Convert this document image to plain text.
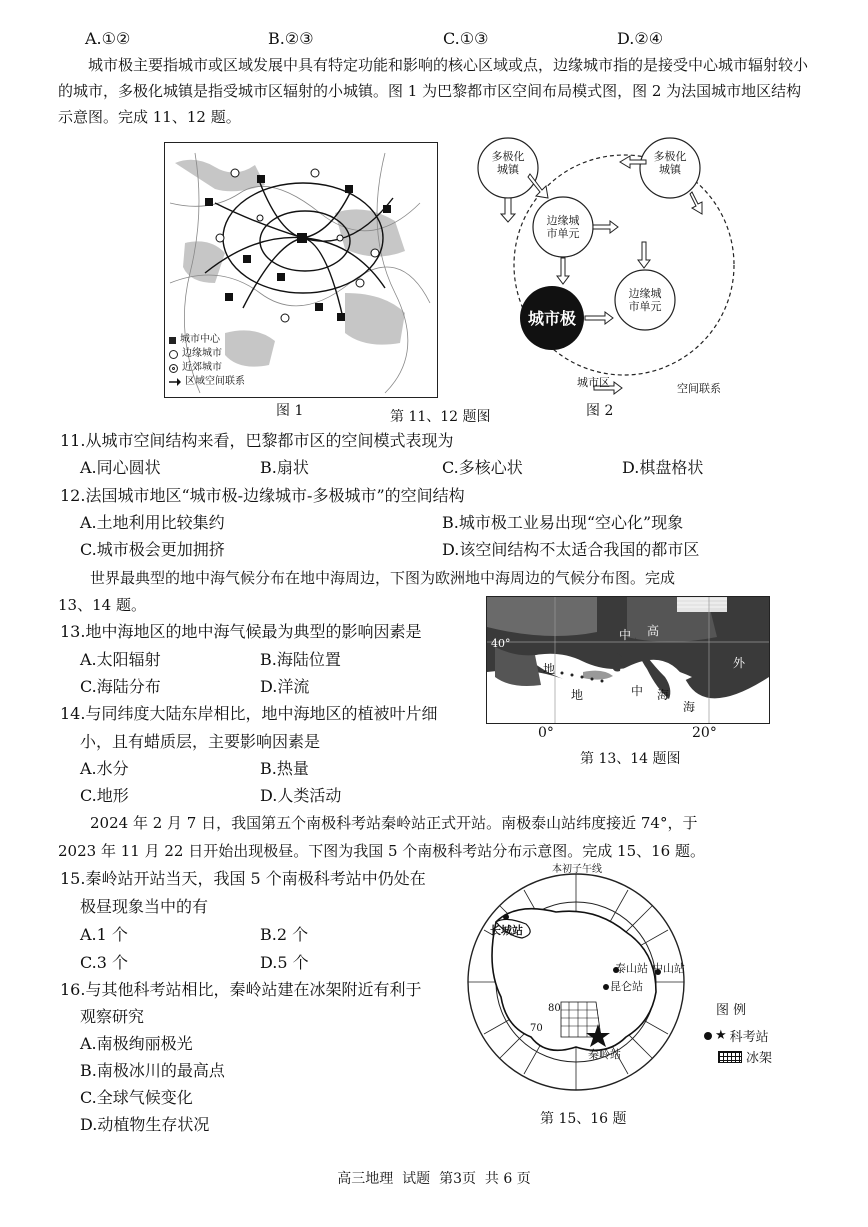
A.①②	B.②③	C.①③	D.②④
城市极主要指城市或区域发展中具有特定功能和影响的核心区域或点，边缘城市指的是接受中心城市辐射较小的城市，多极化城镇是指受城市区辐射的小城镇。图 1 为巴黎都市区空间布局模式图，图 2 为法国城市地区结构示意图。完成 11、12 题。
城市中心
边缘城市
近郊城市
区域空间联系
图 1	第 11、12 题图
多极化
城镇
多极化
城镇
边缘城
市单元
边缘城
市单元
城市极
城市区	空间联系
图 2
11.从城市空间结构来看，巴黎都市区的空间模式表现为
A.同心圆状	B.扇状	C.多核心状	D.棋盘格状
12.法国城市地区“城市极-边缘城市-多极城市”的空间结构
A.土地利用比较集约	B.城市极工业易出现“空心化”现象
C.城市极会更加拥挤	D.该空间结构不太适合我国的都市区
世界最典型的地中海气候分布在地中海周边，下图为欧洲地中海周边的气候分布图。完成
13、14 题。
13.地中海地区的地中海气候最为典型的影响因素是
A.太阳辐射	B.海陆位置
C.海陆分布	D.洋流
14.与同纬度大陆东岸相比，地中海地区的植被叶片细
小，且有蜡质层，主要影响因素是
A.水分	B.热量
C.地形	D.人类活动
40°
地
地
中
海
中
海
外
高
0°	20°
第 13、14 题图
2024 年 2 月 7 日，我国第五个南极科考站秦岭站正式开站。南极泰山站纬度接近 74°，于
2023 年 11 月 22 日开始出现极昼。下图为我国 5 个南极科考站分布示意图。完成 15、16 题。
15.秦岭站开站当天，我国 5 个南极科考站中仍处在
极昼现象当中的有
A.1 个	B.2 个
C.3 个	D.5 个
16.与其他科考站相比，秦岭站建在冰架附近有利于
观察研究
A.南极绚丽极光
B.南极冰川的最高点
C.全球气候变化
D.动植物生存状况
本初子午线
长城站
泰山站 中山站
昆仑站
秦岭站
80
70
图 例
★ 科考站
冰架
第 15、16 题
高三地理  试题  第3页  共 6 页
